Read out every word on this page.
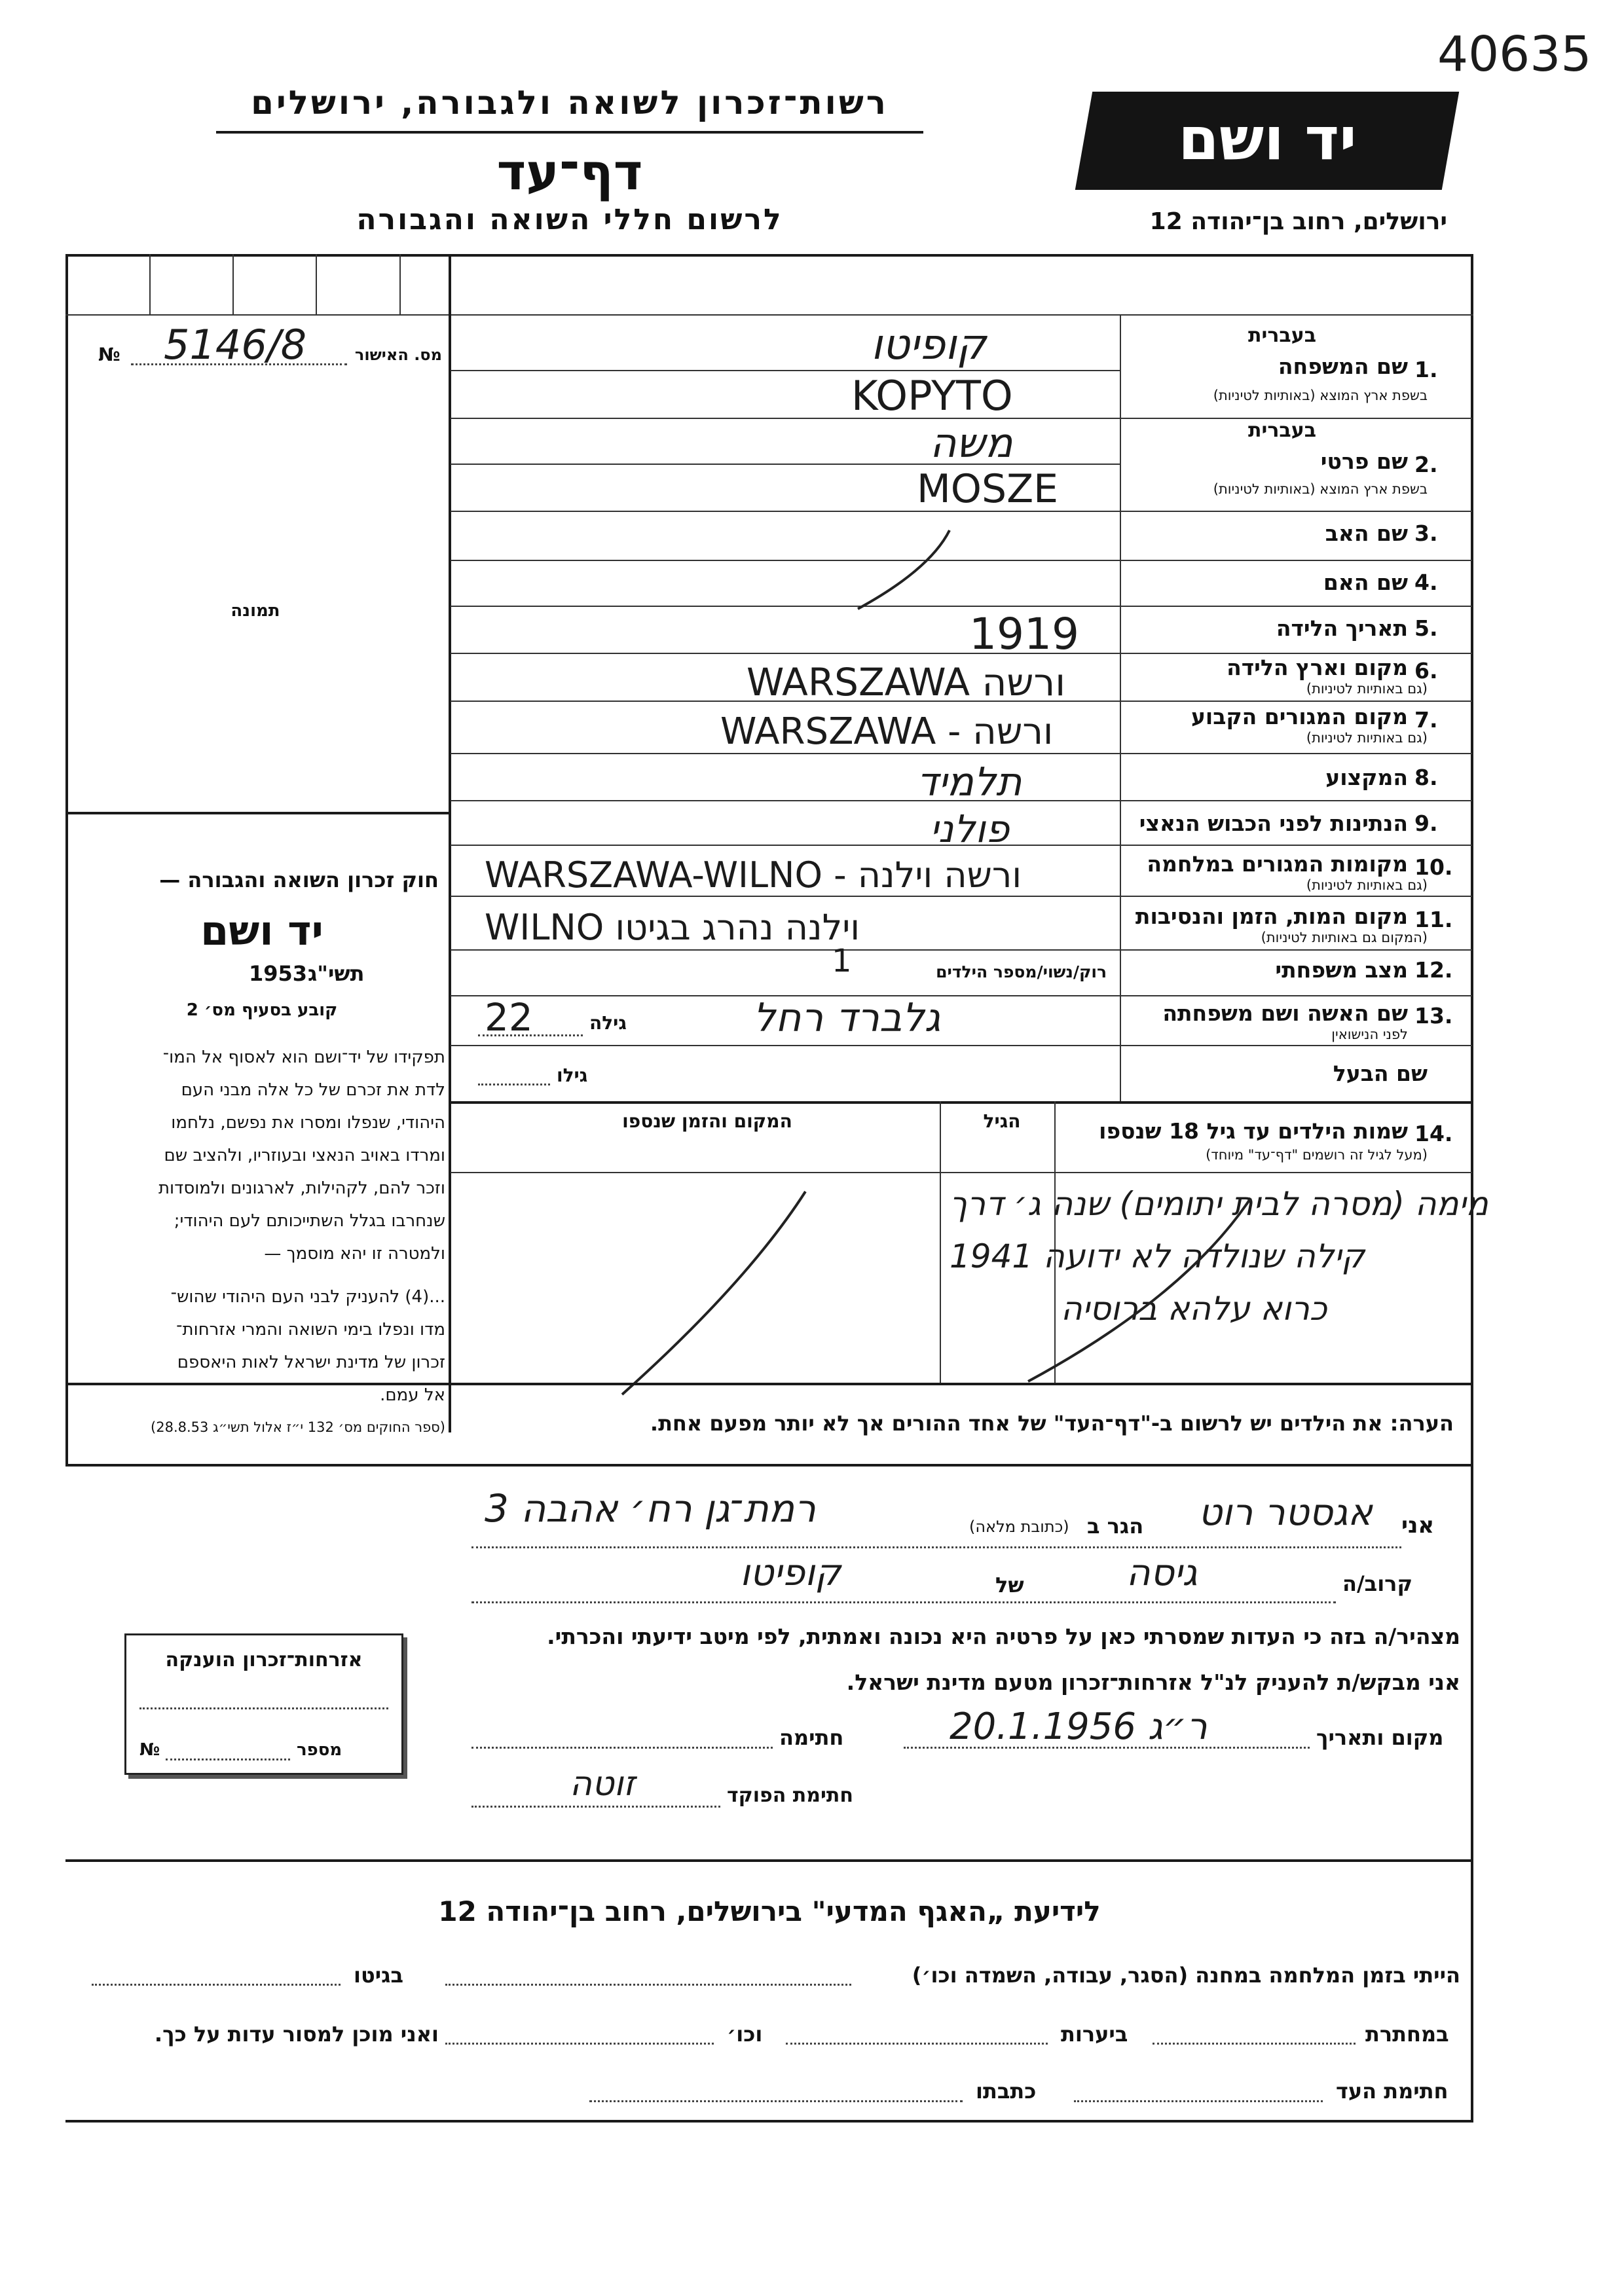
40635
רשות־זכרון לשואה ולגבורה, ירושלים
דף־עד
לרשום חללי השואה והגבורה
יד ושם
ירושלים, רחוב בן־יהודה 12
№ 5146/8	מס. האישור
תמונה
1.
שם המשפחה
בעברית
בשפת ארץ המוצא (באותיות לטיניות)
קופיטו
KOPYTO
2.
שם פרטי
בעברית
בשפת ארץ המוצא (באותיות לטיניות)
משה
MOSZE
3.
שם האב
4.
שם האם
5.
תאריך הלידה
1919
6.
מקום וארץ הלידה
(גם באותיות לטיניות)
WARSZAWA ורשה
7.
מקום המגורים הקבוע
(גם באותיות לטיניות)
WARSZAWA - ורשה
8.
המקצוע
תלמיד
9.
הנתינות לפני הכבוש הנאצי
פולני
10.
מקומות המגורים במלחמה
(גם באותיות לטיניות)
WARSZAWA-WILNO - ורשה וילנה
11.
מקום המות, הזמן והנסיבות
(המקום גם באותיות לטיניות)
WILNO וילנה נהרג בגיטו
12.
מצב משפחתי
רוק/נשוי/מספר הילדים
1
13.
שם האשה ושם משפחתה
לפני הנישואין
גלברד רחל
גילה
22
שם הבעל
גילו
14.
שמות הילדים עד גיל 18 שנספו
(מעל לגיל זה רושמים "דף־עד" מיוחד)
הגיל
המקום והזמן שנספו
מימה (מסרה לבית יתומים) שנה ג׳ דרך
קילה שנולדה לא ידועה 1941
כרוא עלהא ברוסיה
הערה: את הילדים יש לרשום ב-"דף־העד" של אחד ההורים אך לא יותר מפעם אחת.
חוק זכרון השואה והגבורה —
יד ושם
1953 תשי"ג
קובע בסעיף מס׳ 2
תפקידו של יד־ושם הוא לאסוף אל המו־
לדת את זכרם של כל אלה מבני העם
היהודי, שנפלו ומסרו את נפשם, נלחמו
ומרדו באויב הנאצי ובעוזריו, ולהציב שם
וזכר להם, לקהילות, לארגונים ולמוסדות
שנחרבו בגלל השתייכותם לעם היהודי;
ולמטרה זו יהא מוסמך —
...(4) להעניק לבני העם היהודי שהוש־
מדו ונפלו בימי השואה והמרי אזרחות־
זכרון של מדינת ישראל לאות היאספם
אל עמם.
(ספר החוקים מס׳ 132 י״ז אלול תשי״ג 28.8.53)
אני
אגסטר רוט
הגר ב
(כתובת מלאה)
רמת־גן רח׳ אהבה 3
קרוב/ה
גיסה
של
קופיטו
מצהיר/ה בזה כי העדות שמסרתי כאן על פרטיה היא נכונה ואמתית, לפי מיטב ידיעתי והכרתי.
אני מבקש/ת להעניק לנ"ל אזרחות־זכרון מטעם מדינת ישראל.
מקום ותאריך
ר״ג 20.1.1956
חתימה
חתימת הפוקד
זוטה
אזרחות־זכרון הוענקה
מספר
№
לידיעת „האגף המדעי" בירושלים, רחוב בן־יהודה 12
הייתי בזמן המלחמה במחנה (הסגר, עבודה, השמדה וכו׳)
בגיטו
במחתרת
ביערות
וכו׳
ואני מוכן למסור עדות על כך.
חתימת העד
כתבתו
